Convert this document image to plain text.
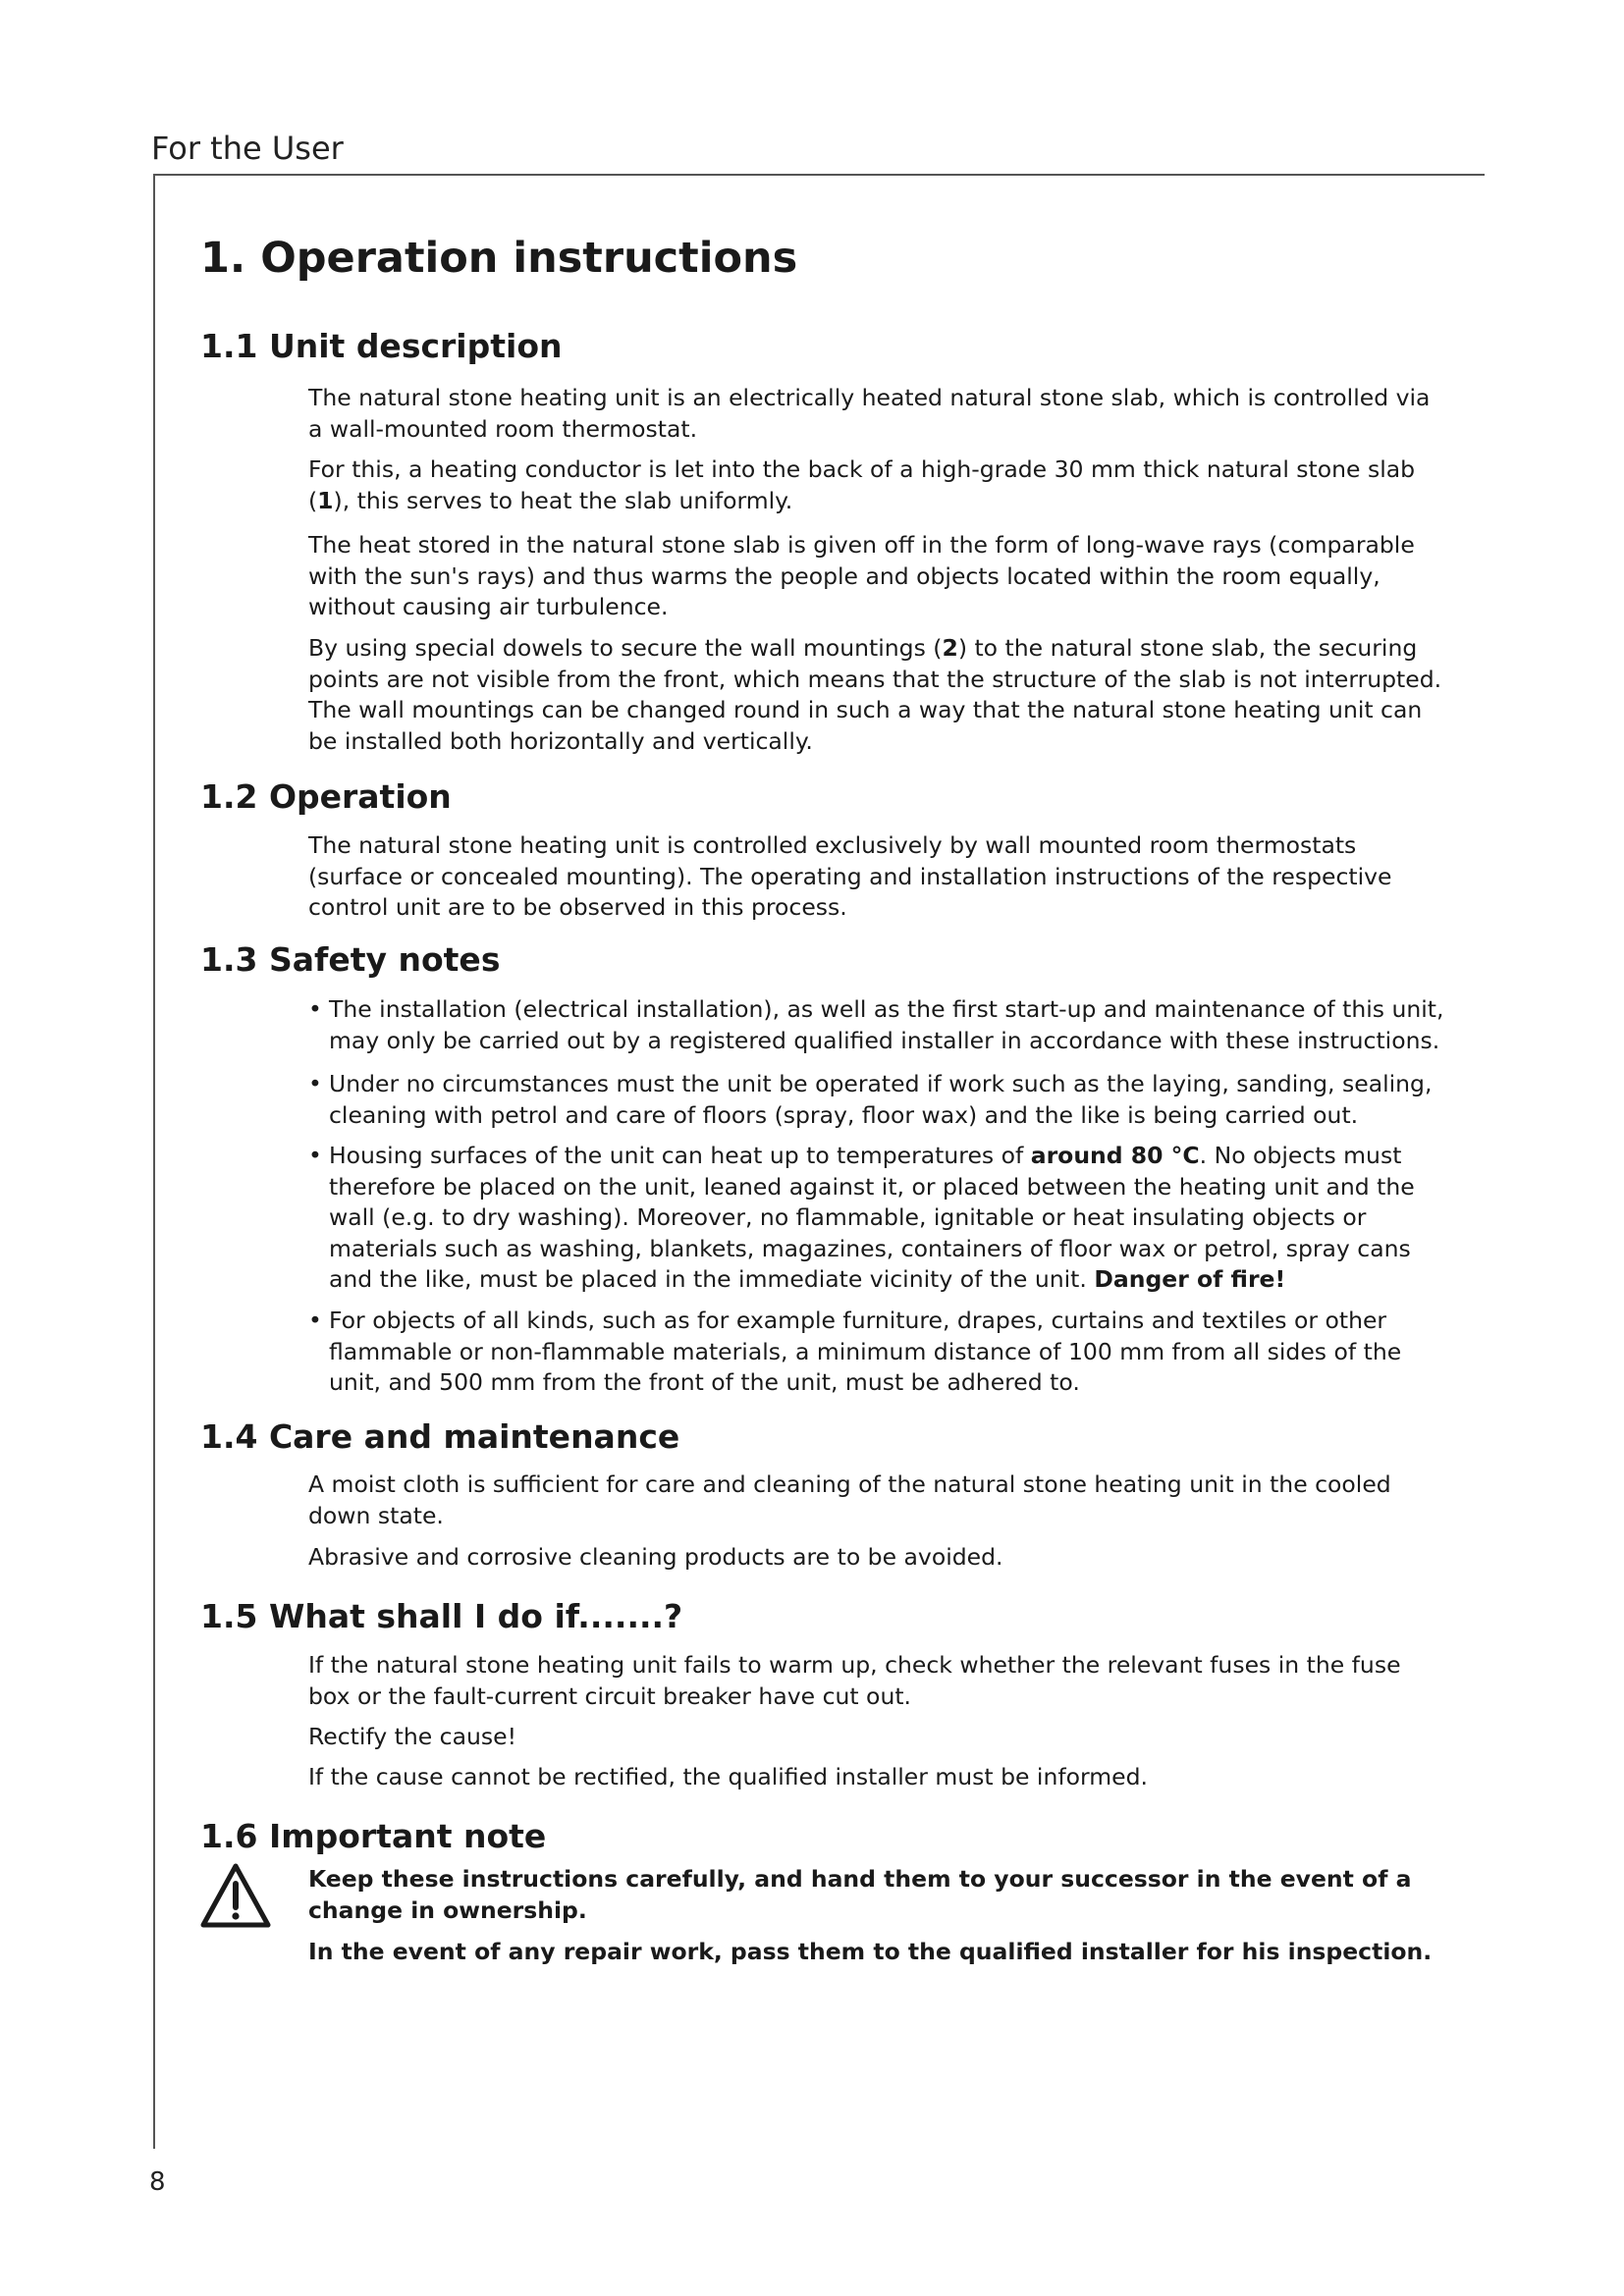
For the User
1. Operation instructions
1.1 Unit description
The natural stone heating unit is an electrically heated natural stone slab, which is controlled via a wall-mounted room thermostat.
For this, a heating conductor is let into the back of a high-grade 30 mm thick natural stone slab (1), this serves to heat the slab uniformly.
The heat stored in the natural stone slab is given off in the form of long-wave rays (comparable with the sun's rays) and thus warms the people and objects located within the room equally, without causing air turbulence.
By using special dowels to secure the wall mountings (2) to the natural stone slab, the securing points are not visible from the front, which means that the structure of the slab is not interrupted. The wall mountings can be changed round in such a way that the natural stone heating unit can be installed both horizontally and vertically.
1.2 Operation
The natural stone heating unit is controlled exclusively by wall mounted room thermostats (surface or concealed mounting). The operating and installation instructions of the respective control unit are to be observed in this process.
1.3 Safety notes
• The installation (electrical installation), as well as the first start-up and maintenance of this unit, may only be carried out by a registered qualified installer in accordance with these instructions.
• Under no circumstances must the unit be operated if work such as the laying, sanding, sealing, cleaning with petrol and care of floors (spray, floor wax) and the like is being carried out.
• Housing surfaces of the unit can heat up to temperatures of around 80 °C. No objects must therefore be placed on the unit, leaned against it, or placed between the heating unit and the wall (e.g. to dry washing). Moreover, no flammable, ignitable or heat insulating objects or materials such as washing, blankets, magazines, containers of floor wax or petrol, spray cans and the like, must be placed in the immediate vicinity of the unit. Danger of fire!
• For objects of all kinds, such as for example furniture, drapes, curtains and textiles or other flammable or non-flammable materials, a minimum distance of 100 mm from all sides of the unit, and 500 mm from the front of the unit, must be adhered to.
1.4 Care and maintenance
A moist cloth is sufficient for care and cleaning of the natural stone heating unit in the cooled down state.
Abrasive and corrosive cleaning products are to be avoided.
1.5 What shall I do if.......?
If the natural stone heating unit fails to warm up, check whether the relevant fuses in the fuse box or the fault-current circuit breaker have cut out.
Rectify the cause!
If the cause cannot be rectified, the qualified installer must be informed.
1.6 Important note
Keep these instructions carefully, and hand them to your successor in the event of a change in ownership.
In the event of any repair work, pass them to the qualified installer for his inspection.
8
